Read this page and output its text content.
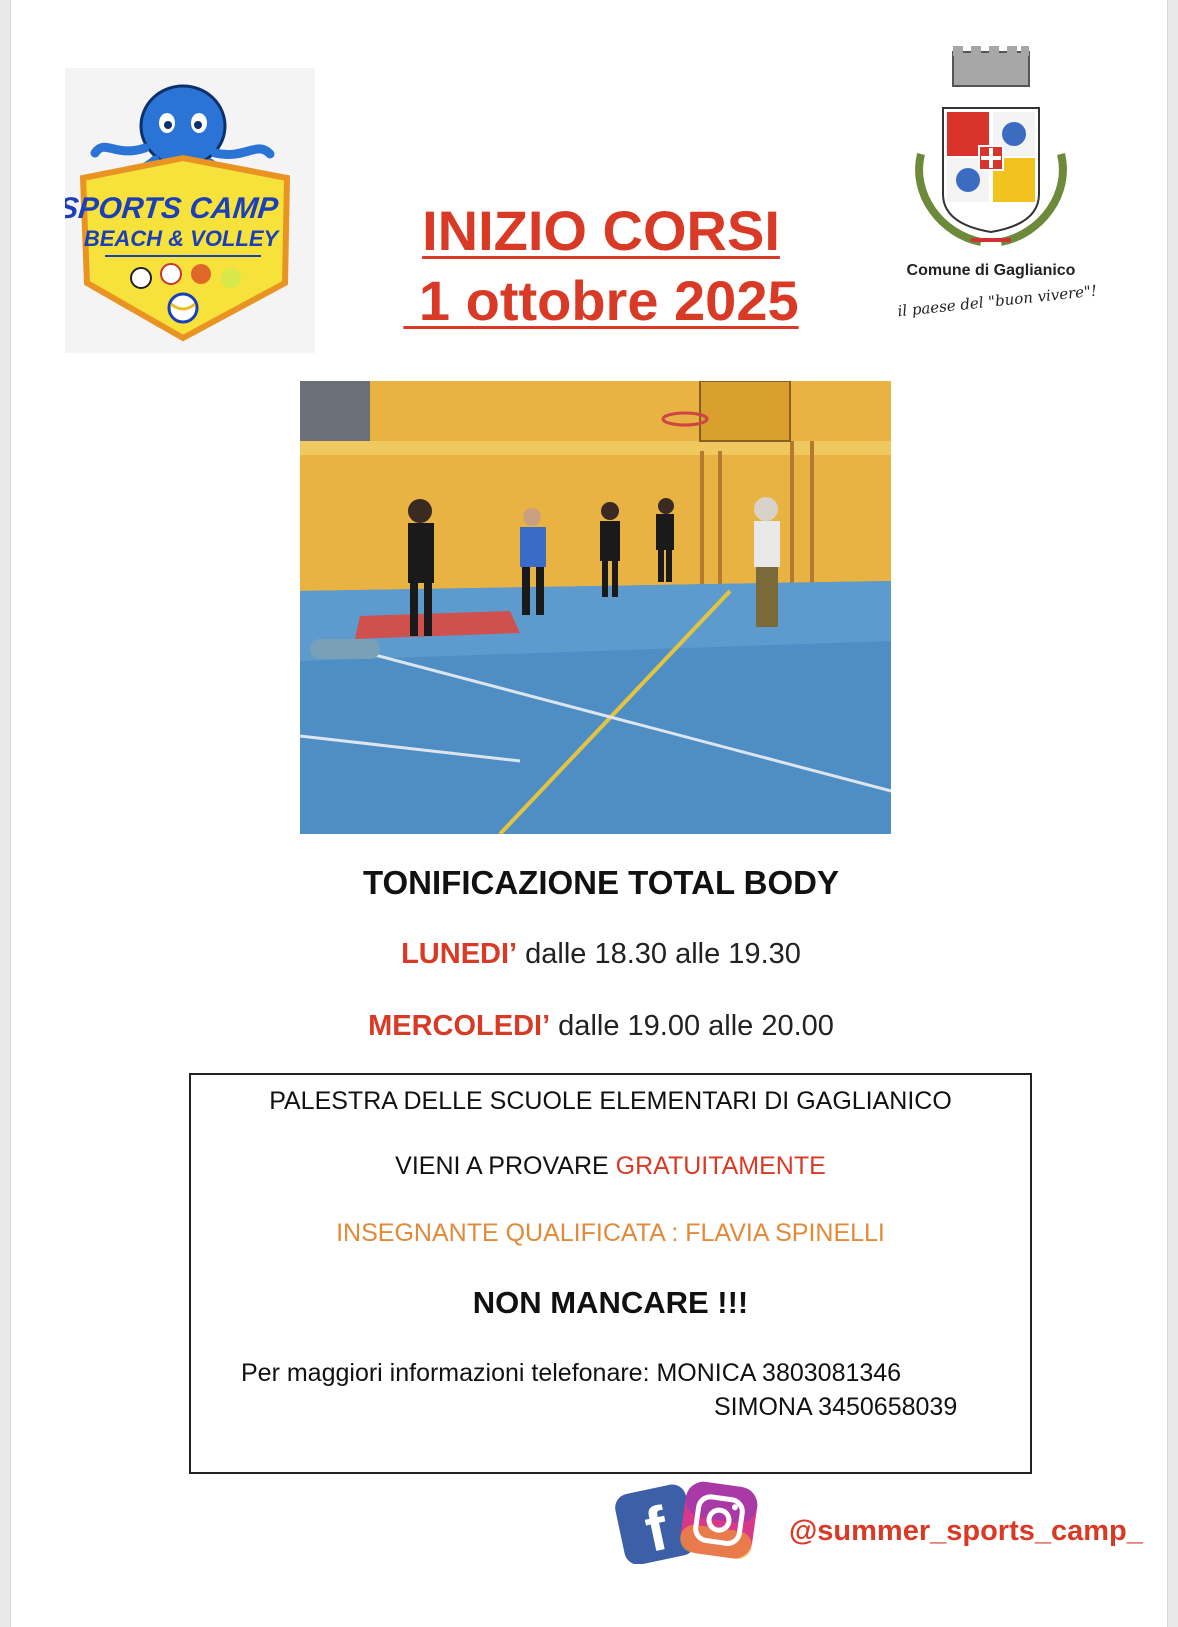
SPORTS CAMP
BEACH & VOLLEY	INIZIO CORSI
1 ottobre 2025	Comune di Gaglianico
il paese del "buon vivere"!
TONIFICAZIONE TOTAL BODY
LUNEDI’ dalle 18.30 alle 19.30
MERCOLEDI’ dalle 19.00 alle 20.00
PALESTRA DELLE SCUOLE ELEMENTARI DI GAGLIANICO
VIENI A PROVARE GRATUITAMENTE
INSEGNANTE QUALIFICATA : FLAVIA SPINELLI
NON MANCARE !!!
Per maggiori informazioni telefonare: MONICA 3803081346
SIMONA 3450658039
f	@summer_sports_camp_
